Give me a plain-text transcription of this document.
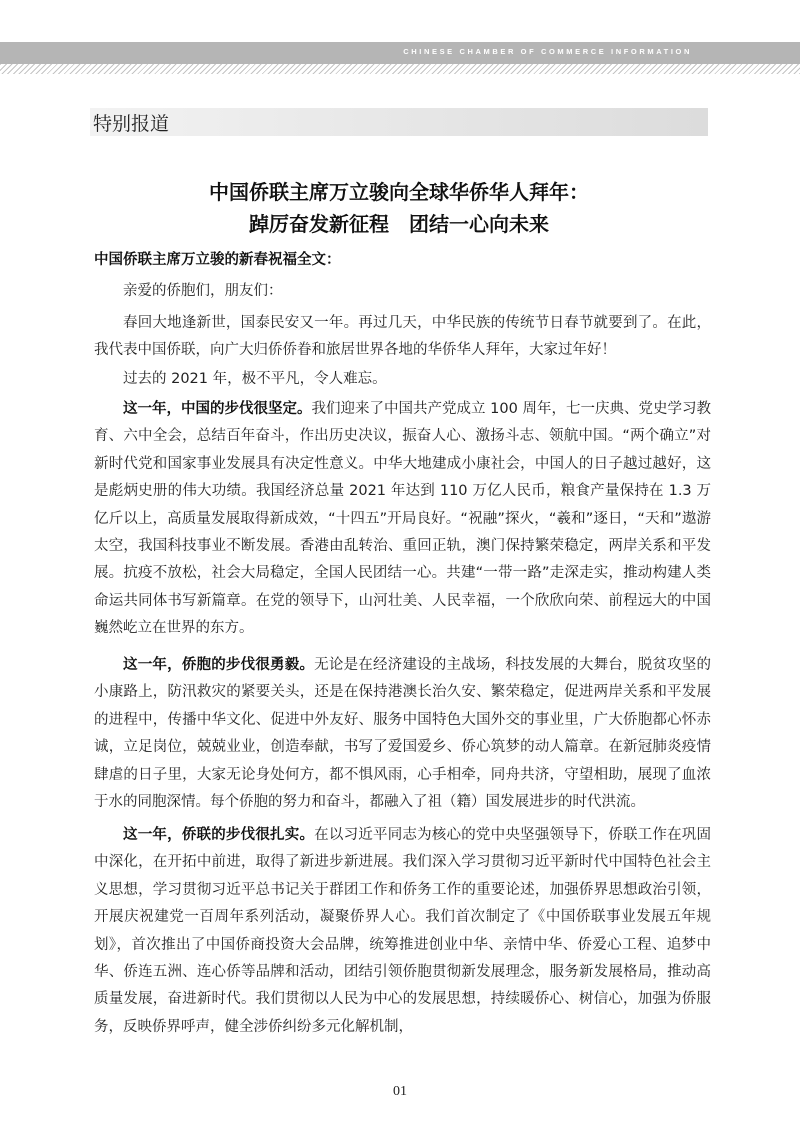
CHINESE CHAMBER OF COMMERCE INFORMATION
特别报道
中国侨联主席万立骏向全球华侨华人拜年：
踔厉奋发新征程　团结一心向未来

中国侨联主席万立骏的新春祝福全文：

亲爱的侨胞们，朋友们：

春回大地逢新世，国泰民安又一年。再过几天，中华民族的传统节日春节就要到了。在此，我代表中国侨联，向广大归侨侨眷和旅居世界各地的华侨华人拜年，大家过年好！

过去的 2021 年，极不平凡，令人难忘。

这一年，中国的步伐很坚定。我们迎来了中国共产党成立 100 周年，七一庆典、党史学习教育、六中全会，总结百年奋斗，作出历史决议，振奋人心、激扬斗志、领航中国。“两个确立”对新时代党和国家事业发展具有决定性意义。中华大地建成小康社会，中国人的日子越过越好，这是彪炳史册的伟大功绩。我国经济总量 2021 年达到 110 万亿人民币，粮食产量保持在 1.3 万亿斤以上，高质量发展取得新成效，“十四五”开局良好。“祝融”探火，“羲和”逐日，“天和”遨游太空，我国科技事业不断发展。香港由乱转治、重回正轨，澳门保持繁荣稳定，两岸关系和平发展。抗疫不放松，社会大局稳定，全国人民团结一心。共建“一带一路”走深走实，推动构建人类命运共同体书写新篇章。在党的领导下，山河壮美、人民幸福，一个欣欣向荣、前程远大的中国巍然屹立在世界的东方。

这一年，侨胞的步伐很勇毅。无论是在经济建设的主战场，科技发展的大舞台，脱贫攻坚的小康路上，防汛救灾的紧要关头，还是在保持港澳长治久安、繁荣稳定，促进两岸关系和平发展的进程中，传播中华文化、促进中外友好、服务中国特色大国外交的事业里，广大侨胞都心怀赤诚，立足岗位，兢兢业业，创造奉献，书写了爱国爱乡、侨心筑梦的动人篇章。在新冠肺炎疫情肆虐的日子里，大家无论身处何方，都不惧风雨，心手相牵，同舟共济，守望相助，展现了血浓于水的同胞深情。每个侨胞的努力和奋斗，都融入了祖（籍）国发展进步的时代洪流。

这一年，侨联的步伐很扎实。在以习近平同志为核心的党中央坚强领导下，侨联工作在巩固中深化，在开拓中前进，取得了新进步新进展。我们深入学习贯彻习近平新时代中国特色社会主义思想，学习贯彻习近平总书记关于群团工作和侨务工作的重要论述，加强侨界思想政治引领，开展庆祝建党一百周年系列活动，凝聚侨界人心。我们首次制定了《中国侨联事业发展五年规划》，首次推出了中国侨商投资大会品牌，统筹推进创业中华、亲情中华、侨爱心工程、追梦中华、侨连五洲、连心侨等品牌和活动，团结引领侨胞贯彻新发展理念，服务新发展格局，推动高质量发展，奋进新时代。我们贯彻以人民为中心的发展思想，持续暖侨心、树信心，加强为侨服务，反映侨界呼声，健全涉侨纠纷多元化解机制，

01
